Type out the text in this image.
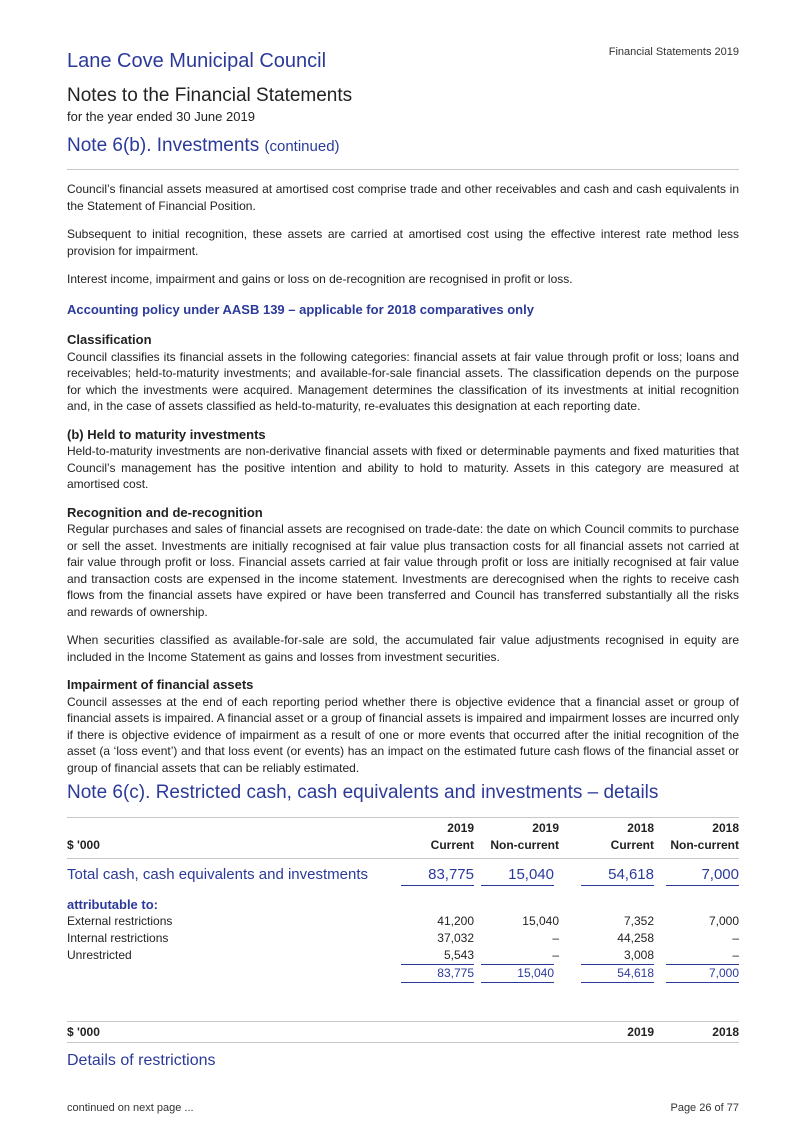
Financial Statements 2019
Lane Cove Municipal Council
Notes to the Financial Statements
for the year ended 30 June 2019
Note 6(b). Investments (continued)

Council’s financial assets measured at amortised cost comprise trade and other receivables and cash and cash equivalents in the Statement of Financial Position.

Subsequent to initial recognition, these assets are carried at amortised cost using the effective interest rate method less provision for impairment.

Interest income, impairment and gains or loss on de-recognition are recognised in profit or loss.

Accounting policy under AASB 139 – applicable for 2018 comparatives only
Classification

Council classifies its financial assets in the following categories: financial assets at fair value through profit or loss; loans and receivables; held-to-maturity investments; and available-for-sale financial assets. The classification depends on the purpose for which the investments were acquired. Management determines the classification of its investments at initial recognition and, in the case of assets classified as held-to-maturity, re-evaluates this designation at each reporting date.

(b) Held to maturity investments

Held-to-maturity investments are non-derivative financial assets with fixed or determinable payments and fixed maturities that Council’s management has the positive intention and ability to hold to maturity. Assets in this category are measured at amortised cost.

Recognition and de-recognition

Regular purchases and sales of financial assets are recognised on trade-date: the date on which Council commits to purchase or sell the asset. Investments are initially recognised at fair value plus transaction costs for all financial assets not carried at fair value through profit or loss. Financial assets carried at fair value through profit or loss are initially recognised at fair value and transaction costs are expensed in the income statement. Investments are derecognised when the rights to receive cash flows from the financial assets have expired or have been transferred and Council has transferred substantially all the risks and rewards of ownership.

When securities classified as available-for-sale are sold, the accumulated fair value adjustments recognised in equity are included in the Income Statement as gains and losses from investment securities.

Impairment of financial assets

Council assesses at the end of each reporting period whether there is objective evidence that a financial asset or group of financial assets is impaired. A financial asset or a group of financial assets is impaired and impairment losses are incurred only if there is objective evidence of impairment as a result of one or more events that occurred after the initial recognition of the asset (a ‘loss event’) and that loss event (or events) has an impact on the estimated future cash flows of the financial asset or group of financial assets that can be reliably estimated.

Note 6(c). Restricted cash, cash equivalents and investments – details
2019	2019	2018	2018
$ '000	Current	Non-current	Current	Non-current
Total cash, cash equivalents and investments	83,775	15,040	54,618	7,000
attributable to:
External restrictions	41,200	15,040	7,352	7,000
Internal restrictions	37,032	–	44,258	–
Unrestricted	5,543	–	3,008	–
83,775	15,040	54,618	7,000
$ '000	2019	2018
Details of restrictions
continued on next page ...	Page 26 of 77
